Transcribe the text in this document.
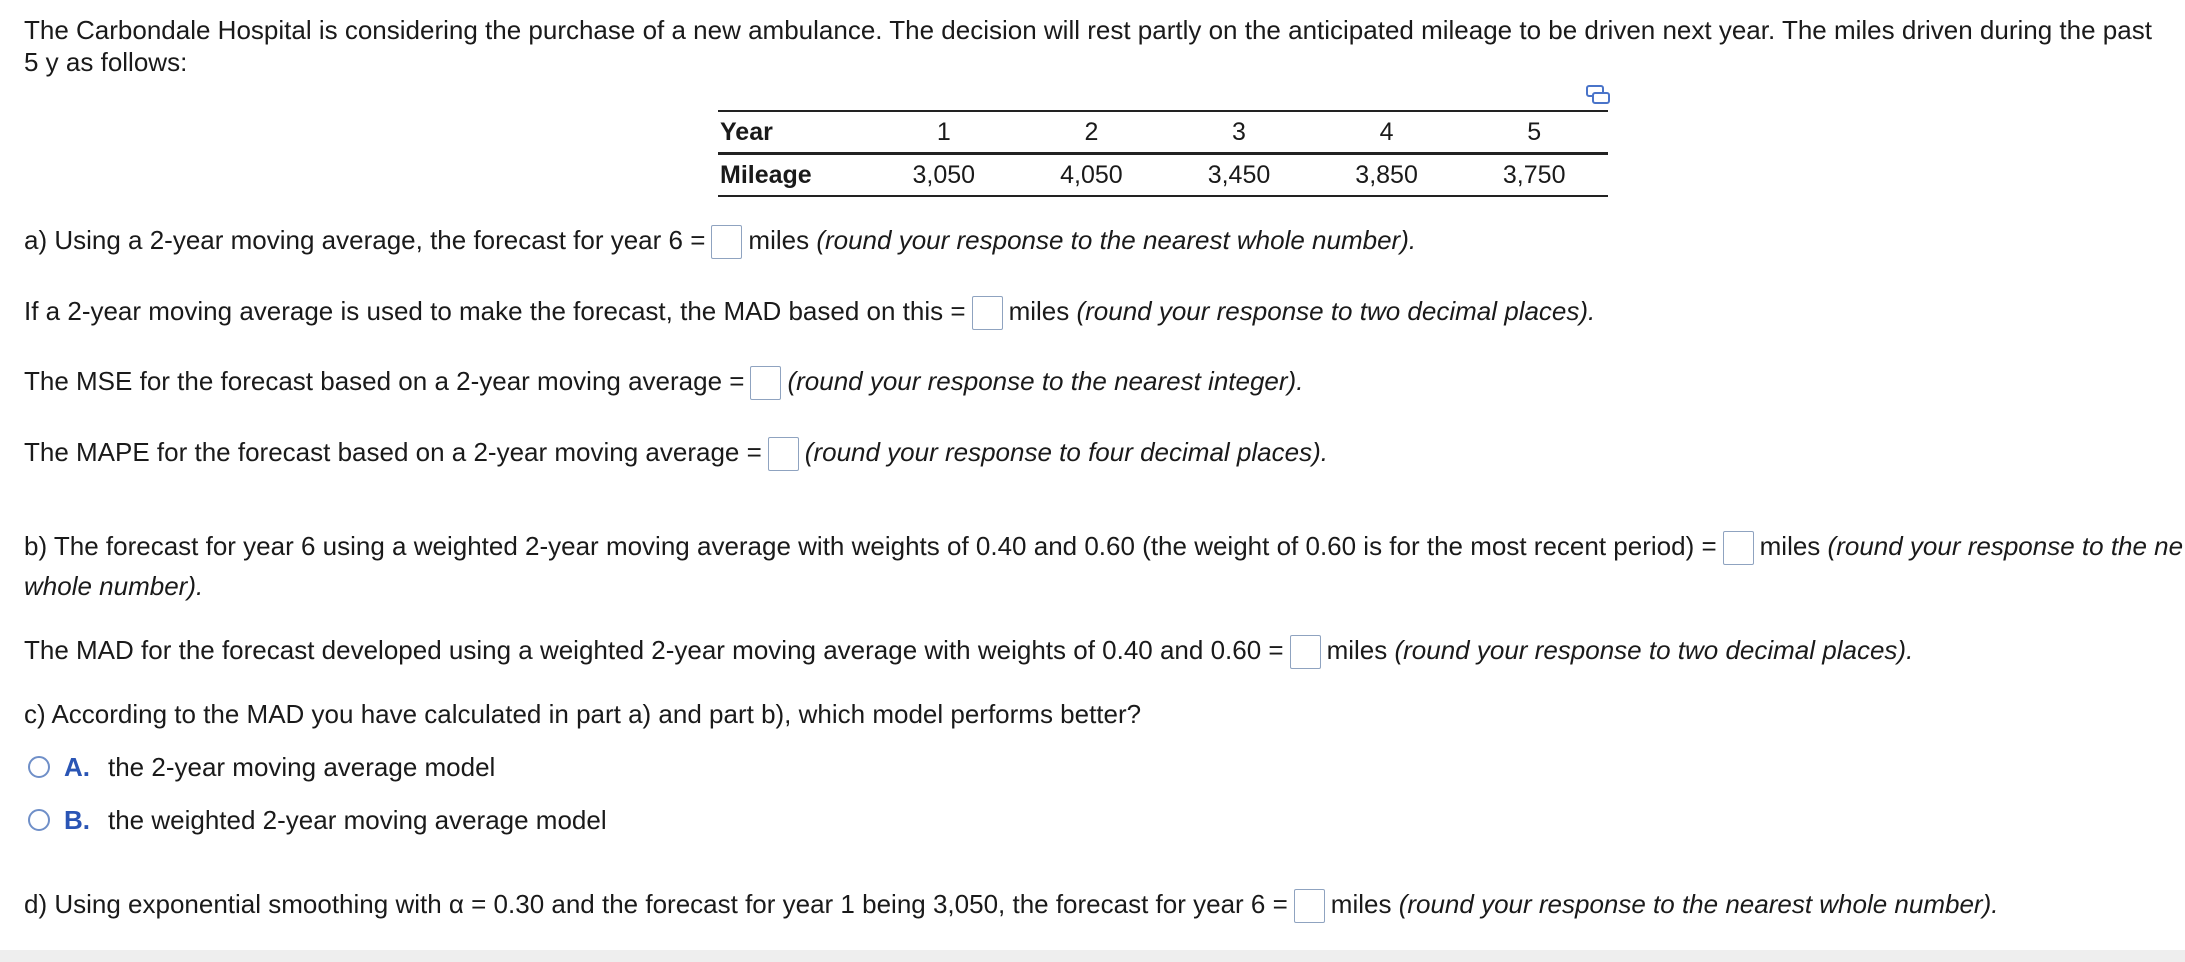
The Carbondale Hospital is considering the purchase of a new ambulance. The decision will rest partly on the anticipated mileage to be driven next year. The miles driven during the past 5 y as follows:
Year	1	2	3	4	5
Mileage	3,050	4,050	3,450	3,850	3,750
a) Using a 2-year moving average, the forecast for year 6 = miles (round your response to the nearest whole number).
If a 2-year moving average is used to make the forecast, the MAD based on this = miles (round your response to two decimal places).
The MSE for the forecast based on a 2-year moving average = (round your response to the nearest integer).
The MAPE for the forecast based on a 2-year moving average = (round your response to four decimal places).
b) The forecast for year 6 using a weighted 2-year moving average with weights of 0.40 and 0.60 (the weight of 0.60 is for the most recent period) = miles (round your response to the ne
whole number).
The MAD for the forecast developed using a weighted 2-year moving average with weights of 0.40 and 0.60 = miles (round your response to two decimal places).
c) According to the MAD you have calculated in part a) and part b), which model performs better?
A. the 2-year moving average model
B. the weighted 2-year moving average model
d) Using exponential smoothing with α = 0.30 and the forecast for year 1 being 3,050, the forecast for year 6 = miles (round your response to the nearest whole number).
